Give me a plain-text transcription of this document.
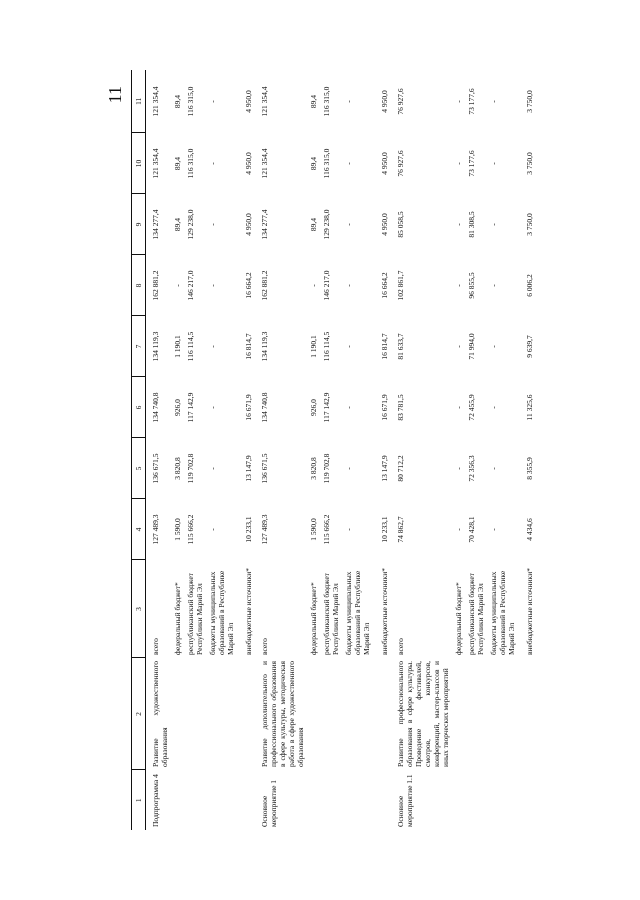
11
1	2	3	4	5	6	7	8	9	10	11
Подпрограмма 4	Развитие художественного образования	всего	127 489,3	136 671,5	134 740,8	134 119,3	162 881,2	134 277,4	121 354,4	121 354,4
		федеральный бюджет*	1 590,0	3 820,8	926,0	1 190,1	-	89,4	89,4	89,4
		республиканский бюджет Республики Марий Эл	115 666,2	119 702,8	117 142,9	116 114,5	146 217,0	129 238,0	116 315,0	116 315,0
		бюджеты муниципальных образований в Республике Марий Эл	-	-	-	-	-	-	-	-
		внебюджетные источники*	10 233,1	13 147,9	16 671,9	16 814,7	16 664,2	4 950,0	4 950,0	4 950,0
Основное мероприятие 1	Развитие дополнительного и профессионального образования в сфере культуры, методическая работа в сфере художественного образования	всего	127 489,3	136 671,5	134 740,8	134 119,3	162 881,2	134 277,4	121 354,4	121 354,4
		федеральный бюджет*	1 590,0	3 820,8	926,0	1 190,1	-	89,4	89,4	89,4
		республиканский бюджет Республики Марий Эл	115 666,2	119 702,8	117 142,9	116 114,5	146 217,0	129 238,0	116 315,0	116 315,0
		бюджеты муниципальных образований в Республике Марий Эл	-	-	-	-	-	-	-	-
		внебюджетные источники*	10 233,1	13 147,9	16 671,9	16 814,7	16 664,2	4 950,0	4 950,0	4 950,0
Основное мероприятие 1.1	Развитие профессионального образования в сфере культуры. Проведение фестивалей, смотров, конкурсов, конференций, мастер-классов и иных творческих мероприятий	всего	74 862,7	80 712,2	83 781,5	81 633,7	102 861,7	85 058,5	76 927,6	76 927,6
		федеральный бюджет*	-	-	-	-	-	-	-	-
		республиканский бюджет Республики Марий Эл	70 428,1	72 356,3	72 455,9	71 994,0	96 855,5	81 308,5	73 177,6	73 177,6
		бюджеты муниципальных образований в Республике Марий Эл	-	-	-	-	-	-	-	-
		внебюджетные источники*	4 434,6	8 355,9	11 325,6	9 639,7	6 006,2	3 750,0	3 750,0	3 750,0
